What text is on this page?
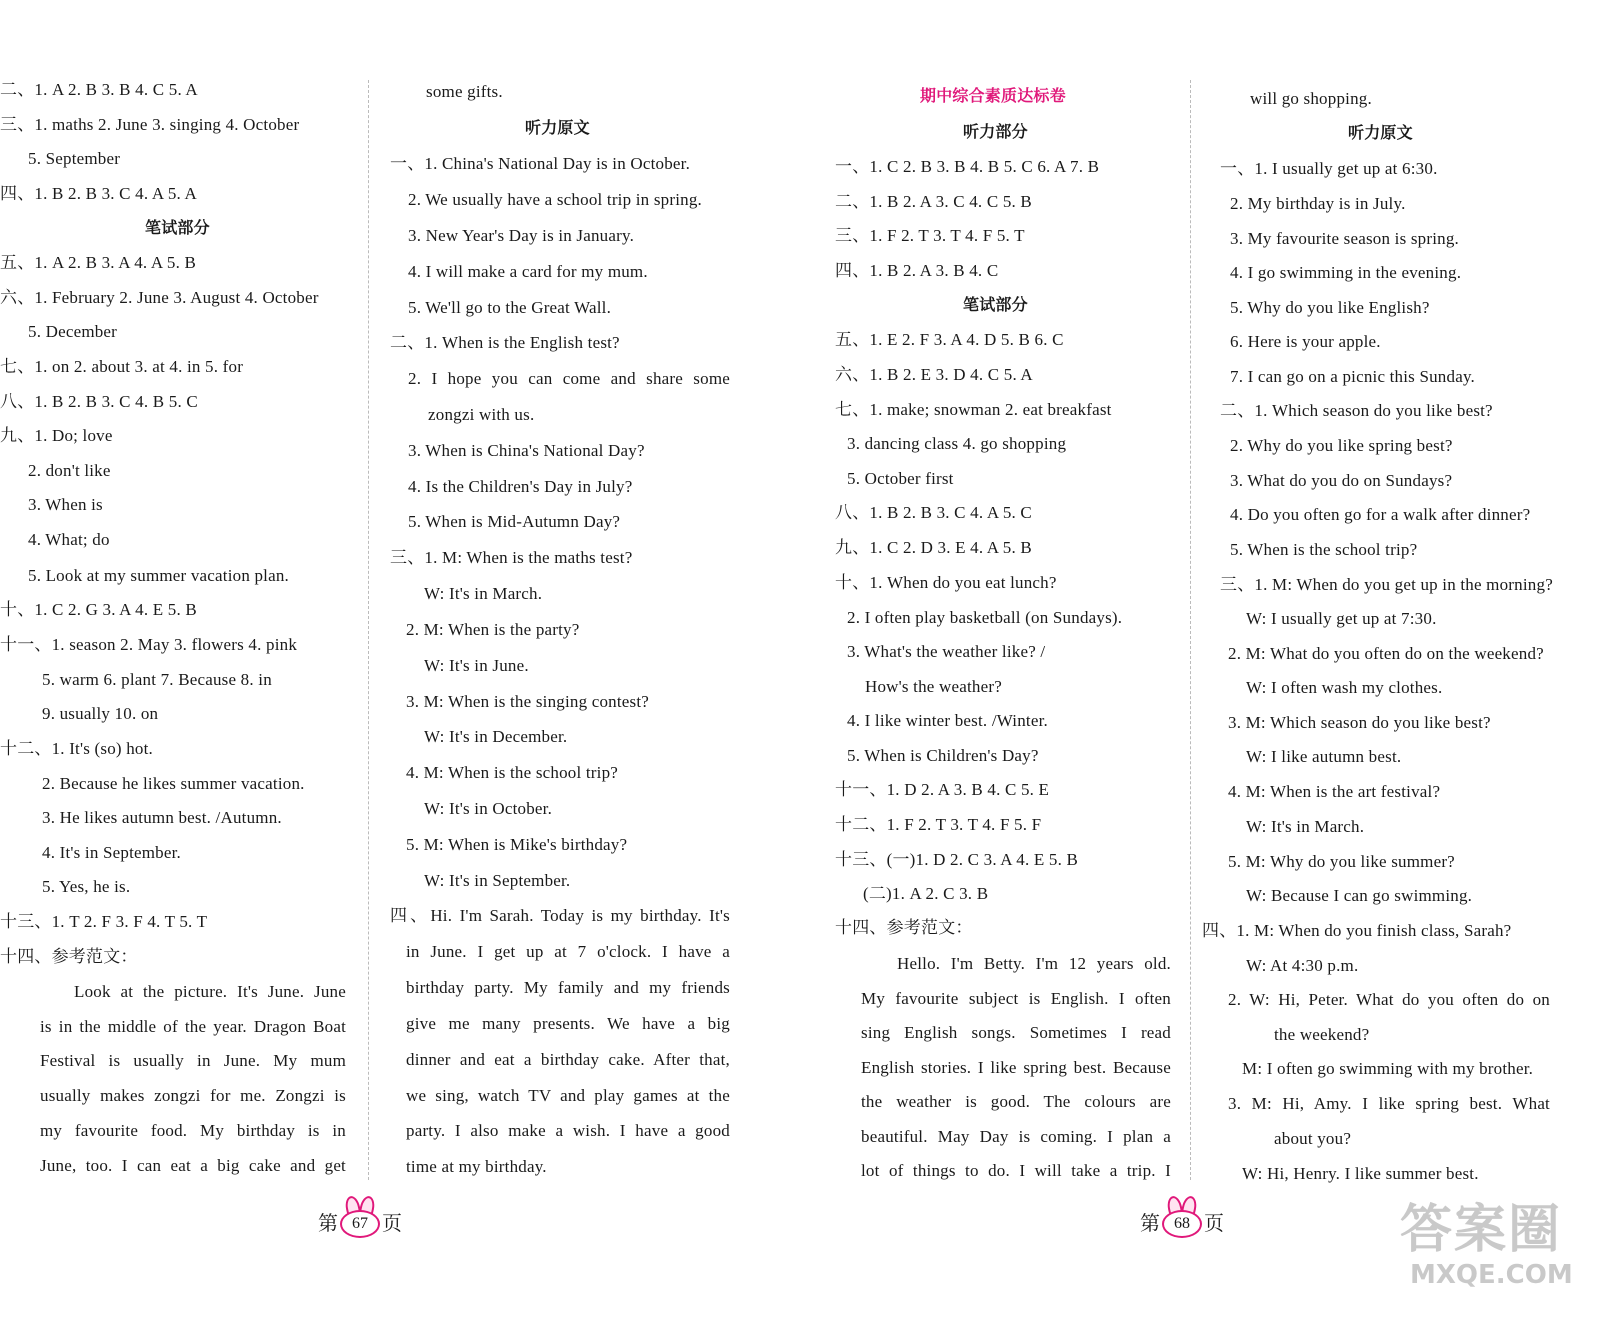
二、1. A 2. B 3. B 4. C 5. A
三、1. maths 2. June 3. singing 4. October
5. September
四、1. B 2. B 3. C 4. A 5. A
笔试部分
五、1. A 2. B 3. A 4. A 5. B
六、1. February 2. June 3. August 4. October
5. December
七、1. on 2. about 3. at 4. in 5. for
八、1. B 2. B 3. C 4. B 5. C
九、1. Do; love
2. don't like
3. When is
4. What; do
5. Look at my summer vacation plan.
十、1. C 2. G 3. A 4. E 5. B
十一、1. season 2. May 3. flowers 4. pink
5. warm 6. plant 7. Because 8. in
9. usually 10. on
十二、1. It's (so) hot.
2. Because he likes summer vacation.
3. He likes autumn best. /Autumn.
4. It's in September.
5. Yes, he is.
十三、1. T 2. F 3. F 4. T 5. T
十四、参考范文：
Look at the picture. It's June. June
is in the middle of the year. Dragon Boat
Festival is usually in June. My mum
usually makes zongzi for me. Zongzi is
my favourite food. My birthday is in
June, too. I can eat a big cake and get
some gifts.
听力原文
一、1. China's National Day is in October.
2. We usually have a school trip in spring.
3. New Year's Day is in January.
4. I will make a card for my mum.
5. We'll go to the Great Wall.
二、1. When is the English test?
2. I hope you can come and share some
zongzi with us.
3. When is China's National Day?
4. Is the Children's Day in July?
5. When is Mid-Autumn Day?
三、1. M: When is the maths test?
W: It's in March.
2. M: When is the party?
W: It's in June.
3. M: When is the singing contest?
W: It's in December.
4. M: When is the school trip?
W: It's in October.
5. M: When is Mike's birthday?
W: It's in September.
四、Hi. I'm Sarah. Today is my birthday. It's
in June. I get up at 7 o'clock. I have a
birthday party. My family and my friends
give me many presents. We have a big
dinner and eat a birthday cake. After that,
we sing, watch TV and play games at the
party. I also make a wish. I have a good
time at my birthday.
期中综合素质达标卷
听力部分
一、1. C 2. B 3. B 4. B 5. C 6. A 7. B
二、1. B 2. A 3. C 4. C 5. B
三、1. F 2. T 3. T 4. F 5. T
四、1. B 2. A 3. B 4. C
笔试部分
五、1. E 2. F 3. A 4. D 5. B 6. C
六、1. B 2. E 3. D 4. C 5. A
七、1. make; snowman 2. eat breakfast
3. dancing class 4. go shopping
5. October first
八、1. B 2. B 3. C 4. A 5. C
九、1. C 2. D 3. E 4. A 5. B
十、1. When do you eat lunch?
2. I often play basketball (on Sundays).
3. What's the weather like? /
How's the weather?
4. I like winter best. /Winter.
5. When is Children's Day?
十一、1. D 2. A 3. B 4. C 5. E
十二、1. F 2. T 3. T 4. F 5. F
十三、(一)1. D 2. C 3. A 4. E 5. B
(二)1. A 2. C 3. B
十四、参考范文：
Hello. I'm Betty. I'm 12 years old.
My favourite subject is English. I often
sing English songs. Sometimes I read
English stories. I like spring best. Because
the weather is good. The colours are
beautiful. May Day is coming. I plan a
lot of things to do. I will take a trip. I
will go shopping.
听力原文
一、1. I usually get up at 6:30.
2. My birthday is in July.
3. My favourite season is spring.
4. I go swimming in the evening.
5. Why do you like English?
6. Here is your apple.
7. I can go on a picnic this Sunday.
二、1. Which season do you like best?
2. Why do you like spring best?
3. What do you do on Sundays?
4. Do you often go for a walk after dinner?
5. When is the school trip?
三、1. M: When do you get up in the morning?
W: I usually get up at 7:30.
2. M: What do you often do on the weekend?
W: I often wash my clothes.
3. M: Which season do you like best?
W: I like autumn best.
4. M: When is the art festival?
W: It's in March.
5. M: Why do you like summer?
W: Because I can go swimming.
四、1. M: When do you finish class, Sarah?
W: At 4:30 p.m.
2. W: Hi, Peter. What do you often do on
the weekend?
M: I often go swimming with my brother.
3. M: Hi, Amy. I like spring best. What
about you?
W: Hi, Henry. I like summer best.
第 67 页	第 68 页	答案圈
MXQE.COM
